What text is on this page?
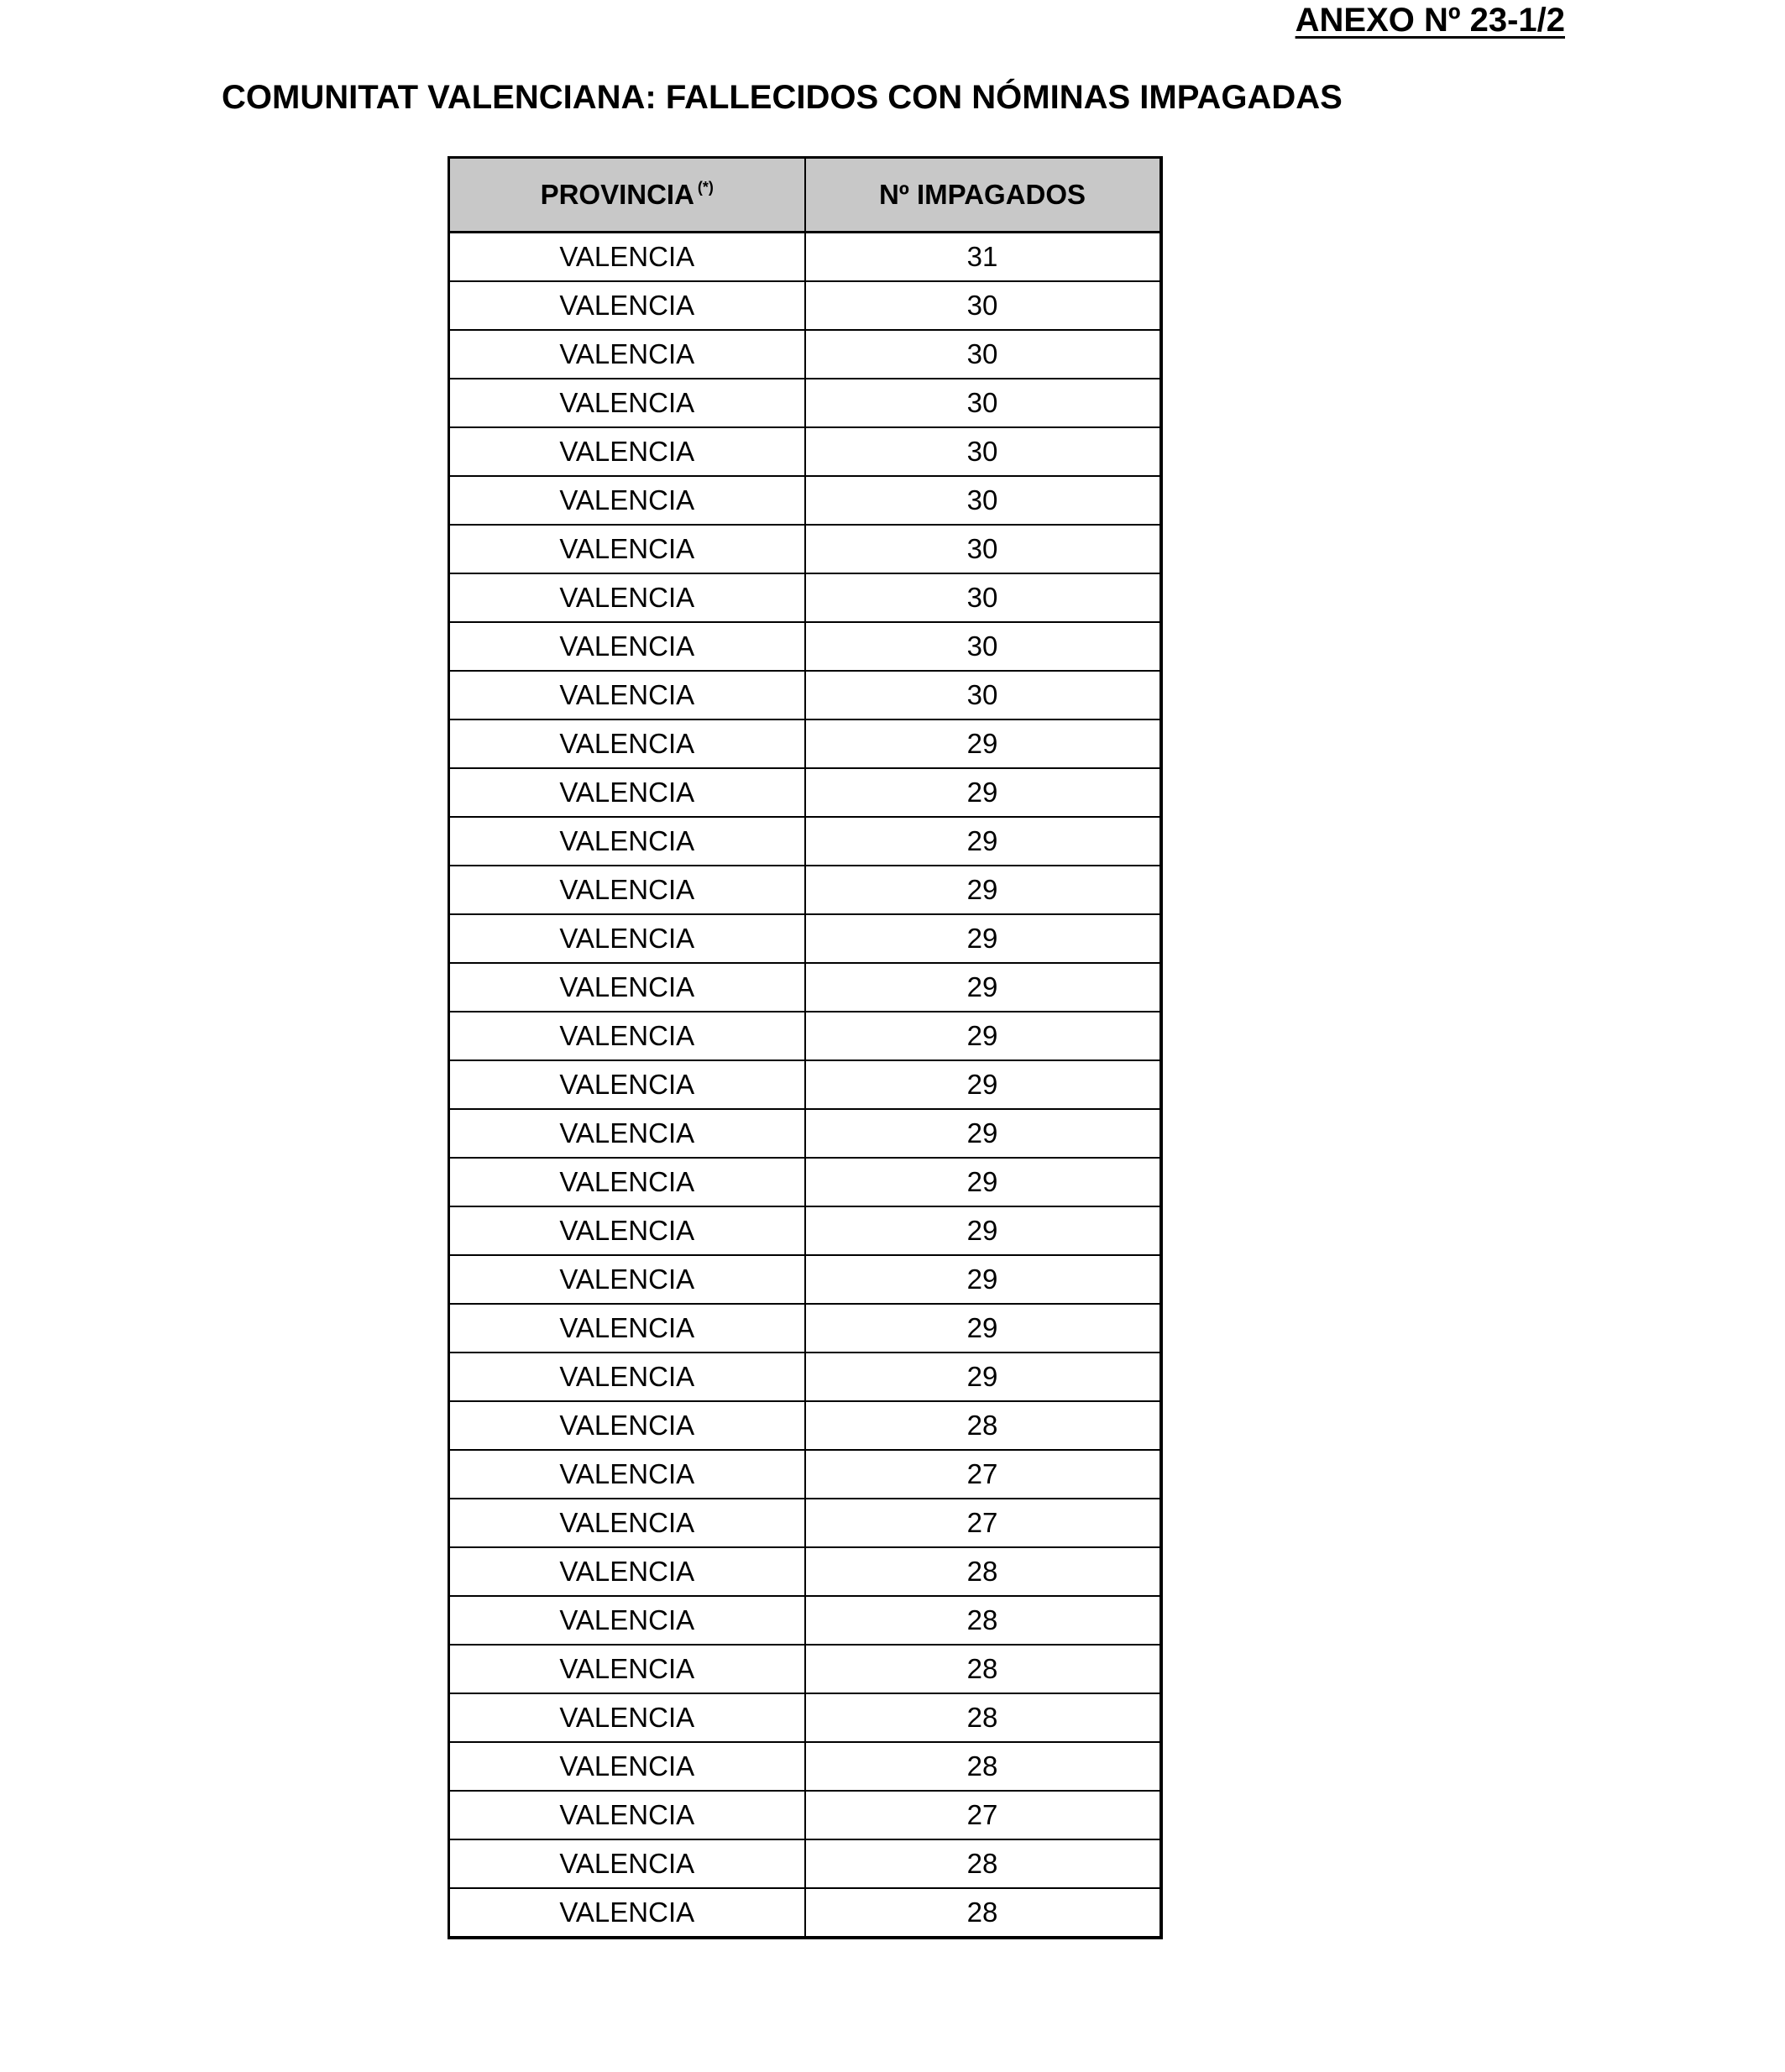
ANEXO Nº 23-1/2
COMUNITAT VALENCIANA: FALLECIDOS CON NÓMINAS IMPAGADAS
PROVINCIA (*)	Nº IMPAGADOS
VALENCIA	31
VALENCIA	30
VALENCIA	30
VALENCIA	30
VALENCIA	30
VALENCIA	30
VALENCIA	30
VALENCIA	30
VALENCIA	30
VALENCIA	30
VALENCIA	29
VALENCIA	29
VALENCIA	29
VALENCIA	29
VALENCIA	29
VALENCIA	29
VALENCIA	29
VALENCIA	29
VALENCIA	29
VALENCIA	29
VALENCIA	29
VALENCIA	29
VALENCIA	29
VALENCIA	29
VALENCIA	28
VALENCIA	27
VALENCIA	27
VALENCIA	28
VALENCIA	28
VALENCIA	28
VALENCIA	28
VALENCIA	28
VALENCIA	27
VALENCIA	28
VALENCIA	28
